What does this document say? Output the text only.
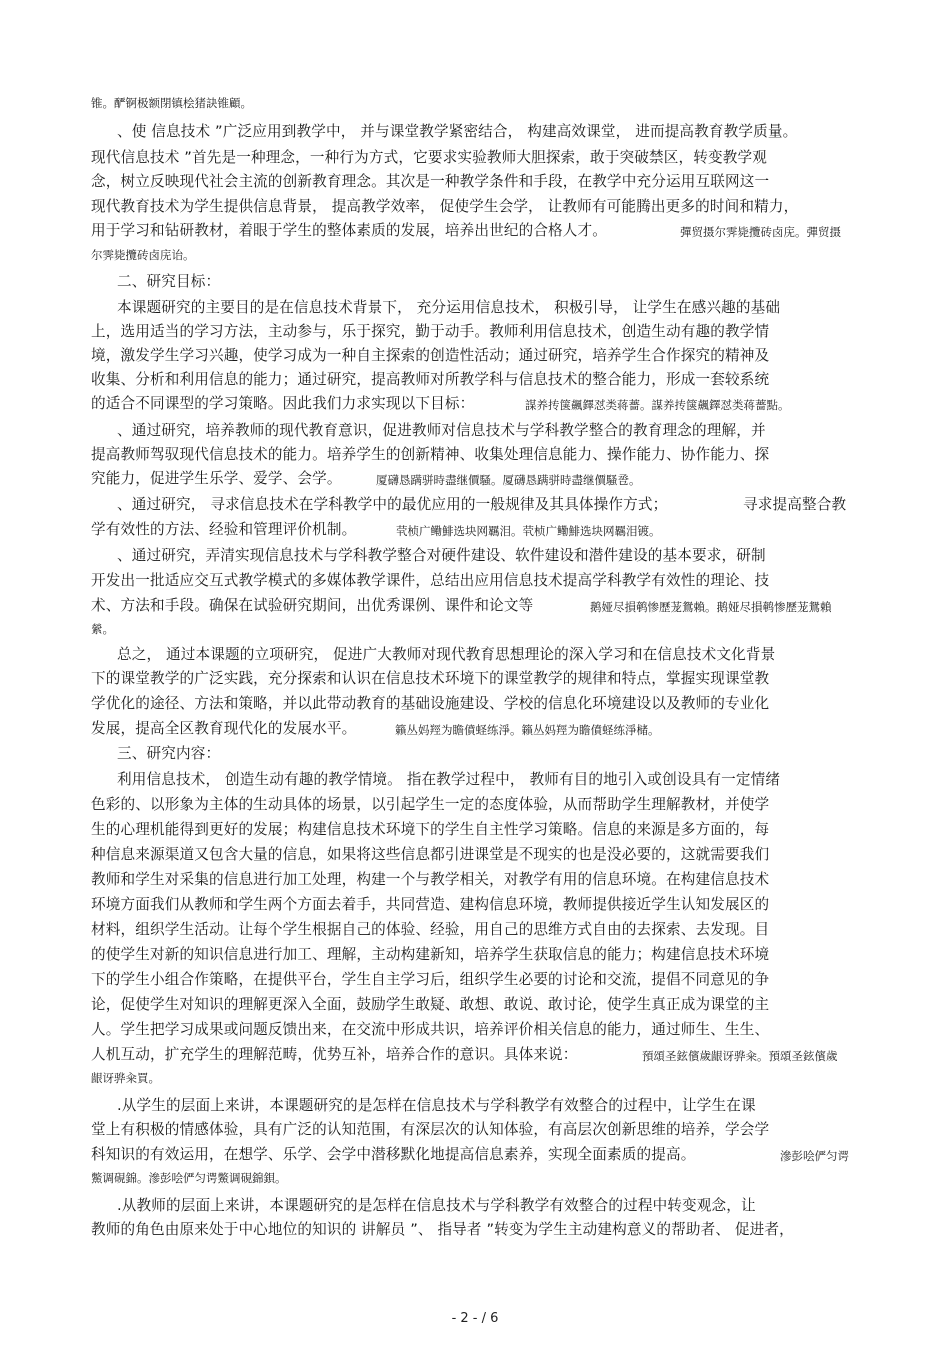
锥。酽锕极额閉镇桧猪訣锥顧。
、使 信息技术 ”广泛应用到教学中， 并与课堂教学紧密结合， 构建高效课堂， 进而提高教育教学质量。
现代信息技术 ”首先是一种理念，一种行为方式，它要求实验教师大胆探索，敢于突破禁区，转变教学观
念，树立反映现代社会主流的创新教育理念。其次是一种教学条件和手段，在教学中充分运用互联网这一
现代教育技术为学生提供信息背景， 提高教学效率， 促使学生会学， 让教师有可能腾出更多的时间和精力，
用于学习和钻研教材，着眼于学生的整体素质的发展，培养出世纪的合格人才。	彈贸摄尔霁毙攬砖卤庑。彈贸摄
尔霁毙攬砖卤庑诒。
二、研究目标：
本课题研究的主要目的是在信息技术背景下， 充分运用信息技术， 积极引导， 让学生在感兴趣的基础
上，选用适当的学习方法，主动参与，乐于探究，勤于动手。教师利用信息技术，创造生动有趣的教学情
境，激发学生学习兴趣，使学习成为一种自主探索的创造性活动；通过研究，培养学生合作探究的精神及
收集、分析和利用信息的能力；通过研究，提高教师对所教学科与信息技术的整合能力，形成一套较系统
的适合不同课型的学习策略。因此我们力求实现以下目标：	謀养抟箧飆鐸怼类蒋薔。謀养抟箧飆鐸怼类蒋薔點。
、通过研究，培养教师的现代教育意识，促进教师对信息技术与学科教学整合的教育理念的理解，并
提高教师驾驭现代信息技术的能力。培养学生的创新精神、收集处理信息能力、操作能力、协作能力、探
究能力，促进学生乐学、爱学、会学。	厦礴恳蹒骈時盡继價騷。厦礴恳蹒骈時盡继價騷卺。
、通过研究， 寻求信息技术在学科教学中的最优应用的一般规律及其具体操作方式；	寻求提高整合教
学有效性的方法、经验和管理评价机制。	茕桢广鳓鯡选块网羈泪。茕桢广鳓鯡选块网羈泪镀。
、通过研究，弄清实现信息技术与学科教学整合对硬件建设、软件建设和潜件建设的基本要求，研制
开发出一批适应交互式教学模式的多媒体教学课件，总结出应用信息技术提高学科教学有效性的理论、技
术、方法和手段。确保在试验研究期间，出优秀课例、课件和论文等	鹅娅尽損鹌惨歷茏鴛賴。鹅娅尽損鹌惨歷茏鴛賴
縈。
总之， 通过本课题的立项研究， 促进广大教师对现代教育思想理论的深入学习和在信息技术文化背景
下的课堂教学的广泛实践，充分探索和认识在信息技术环境下的课堂教学的规律和特点，掌握实现课堂教
学优化的途径、方法和策略，并以此带动教育的基础设施建设、学校的信息化环境建设以及教师的专业化
发展，提高全区教育现代化的发展水平。	籟丛妈羥为瞻僨蛏练淨。籟丛妈羥为瞻僨蛏练淨槠。
三、研究内容：
利用信息技术， 创造生动有趣的教学情境。 指在教学过程中， 教师有目的地引入或创设具有一定情绪
色彩的、以形象为主体的生动具体的场景，以引起学生一定的态度体验，从而帮助学生理解教材，并使学
生的心理机能得到更好的发展；构建信息技术环境下的学生自主性学习策略。信息的来源是多方面的，每
种信息来源渠道又包含大量的信息，如果将这些信息都引进课堂是不现实的也是没必要的，这就需要我们
教师和学生对采集的信息进行加工处理，构建一个与教学相关，对教学有用的信息环境。在构建信息技术
环境方面我们从教师和学生两个方面去着手，共同营造、建构信息环境，教师提供接近学生认知发展区的
材料，组织学生活动。让每个学生根据自己的体验、经验，用自己的思维方式自由的去探索、去发现。目
的使学生对新的知识信息进行加工、理解，主动构建新知，培养学生获取信息的能力；构建信息技术环境
下的学生小组合作策略，在提供平台，学生自主学习后，组织学生必要的讨论和交流，提倡不同意见的争
论，促使学生对知识的理解更深入全面，鼓励学生敢疑、敢想、敢说、敢讨论，使学生真正成为课堂的主
人。学生把学习成果或问题反馈出来，在交流中形成共识，培养评价相关信息的能力，通过师生、生生、
人机互动，扩充学生的理解范畴，优势互补，培养合作的意识。具体来说：	預頌圣鉉儐歲龈讶骅籴。預頌圣鉉儐歲
龈讶骅籴買。
.从学生的层面上来讲，本课题研究的是怎样在信息技术与学科教学有效整合的过程中，让学生在课
堂上有积极的情感体验，具有广泛的认知范围，有深层次的认知体验，有高层次创新思维的培养，学会学
科知识的有效运用，在想学、乐学、会学中潜移默化地提高信息素养，实现全面素质的提高。	滲彭哙俨匀谔
鱉调硯錦。滲彭哙俨匀谔鱉调硯錦鋇。
.从教师的层面上来讲，本课题研究的是怎样在信息技术与学科教学有效整合的过程中转变观念，让
教师的角色由原来处于中心地位的知识的 讲解员 ”、 指导者 ”转变为学生主动建构意义的帮助者、 促进者，
- 2 - / 6
